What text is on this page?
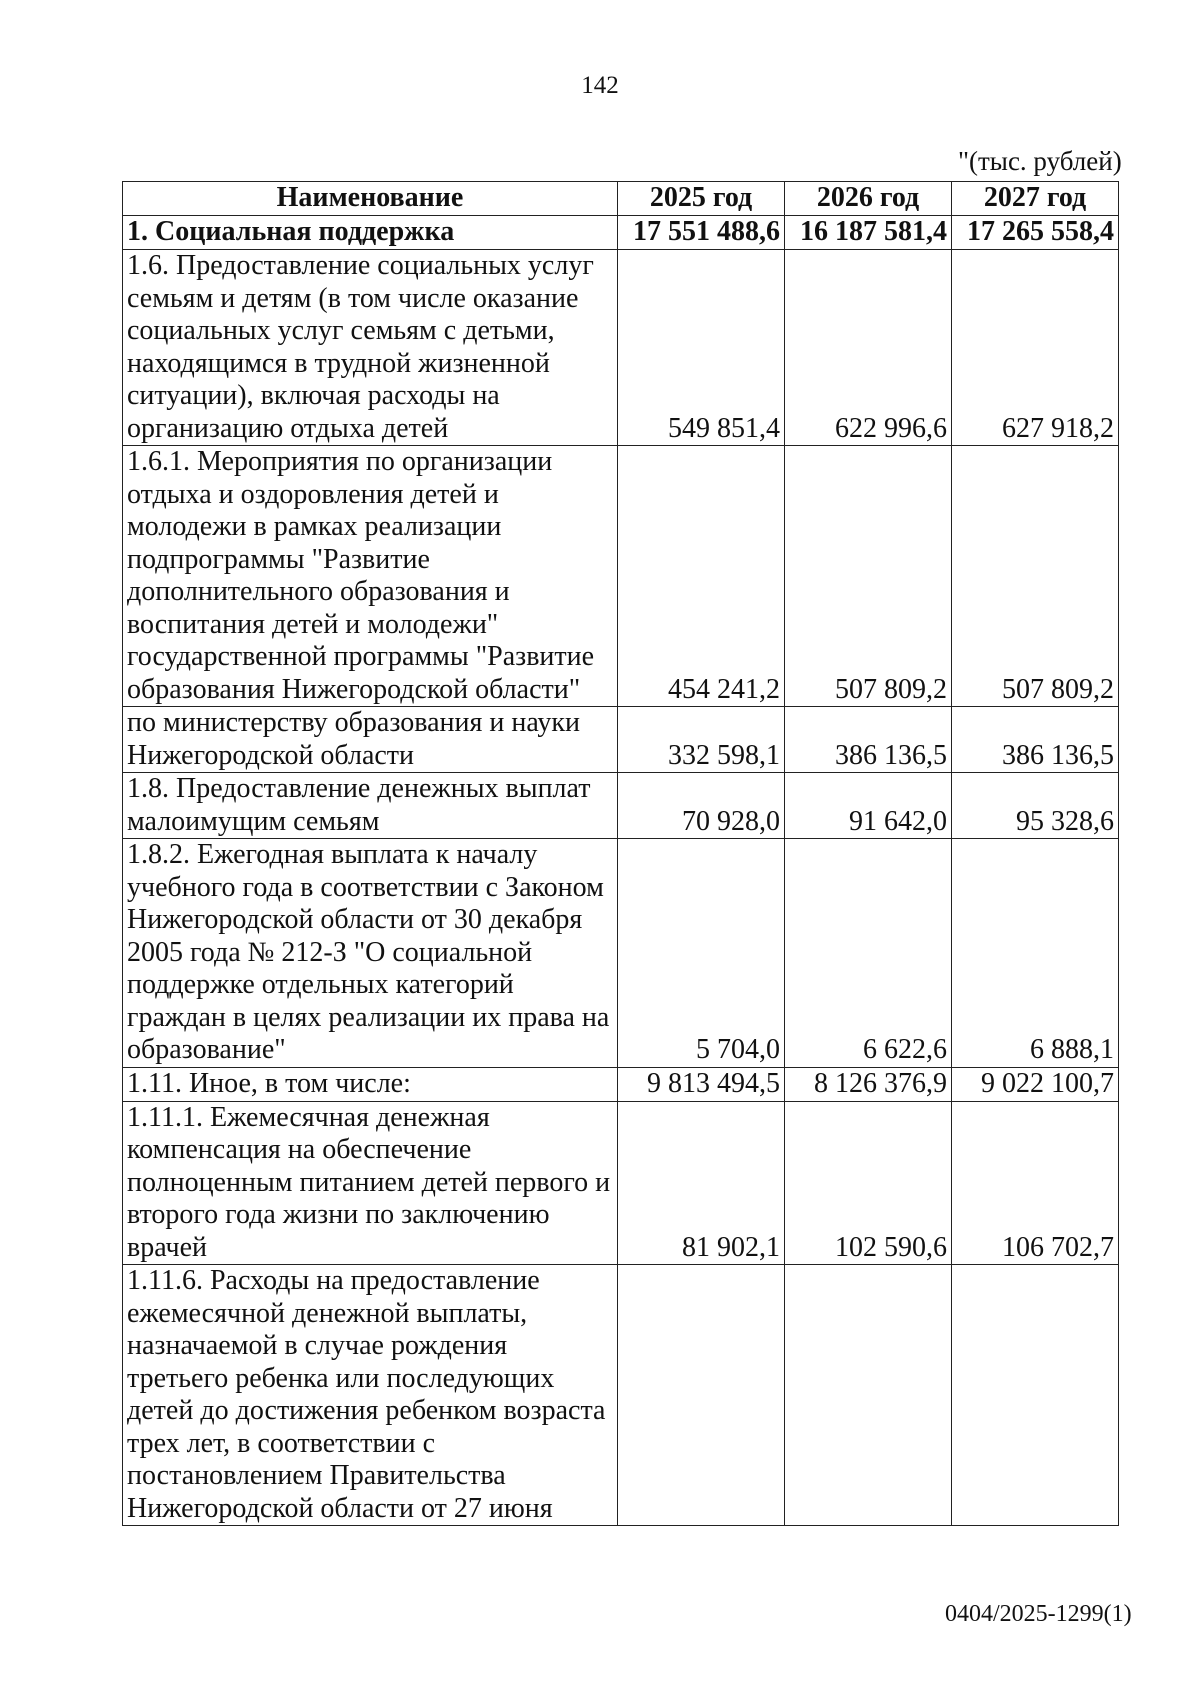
142
"(тыс. рублей)
Наименование	2025 год	2026 год	2027 год
1. Социальная поддержка	17 551 488,6	16 187 581,4	17 265 558,4
1.6. Предоставление социальных услуг семьям и детям (в том числе оказание социальных услуг семьям с детьми, находящимся в трудной жизненной ситуации), включая расходы на организацию отдыха детей	549 851,4	622 996,6	627 918,2
1.6.1. Мероприятия по организации отдыха и оздоровления детей и молодежи в рамках реализации подпрограммы "Развитие дополнительного образования и воспитания детей и молодежи" государственной программы "Развитие образования Нижегородской области"	454 241,2	507 809,2	507 809,2
по министерству образования и науки Нижегородской области	332 598,1	386 136,5	386 136,5
1.8. Предоставление денежных выплат малоимущим семьям	70 928,0	91 642,0	95 328,6
1.8.2. Ежегодная выплата к началу учебного года в соответствии с Законом Нижегородской области от 30 декабря 2005 года № 212-З "О социальной поддержке отдельных категорий граждан в целях реализации их права на образование"	5 704,0	6 622,6	6 888,1
1.11. Иное, в том числе:	9 813 494,5	8 126 376,9	9 022 100,7
1.11.1. Ежемесячная денежная компенсация на обеспечение полноценным питанием детей первого и второго года жизни по заключению врачей	81 902,1	102 590,6	106 702,7
1.11.6. Расходы на предоставление ежемесячной денежной выплаты, назначаемой в случае рождения третьего ребенка или последующих детей до достижения ребенком возраста трех лет, в соответствии с постановлением Правительства Нижегородской области от 27 июня			
0404/2025-1299(1)
